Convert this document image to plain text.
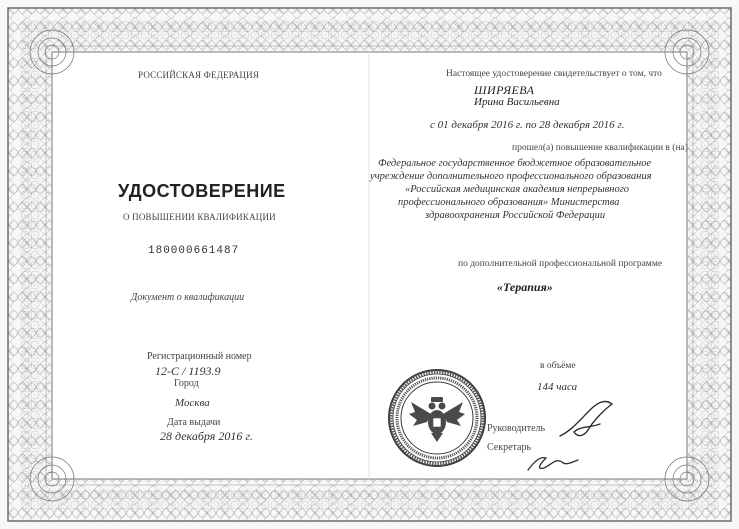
РОССИЙСКАЯ ФЕДЕРАЦИЯ
УДОСТОВЕРЕНИЕ
О ПОВЫШЕНИИ КВАЛИФИКАЦИИ
180000661487
Документ о квалификации
Регистрационный номер
12-С / 1193.9
Город
Москва
Дата выдачи
28 декабря 2016 г.
Настоящее удостоверение свидетельствует о том, что
ШИРЯЕВА
Ирина Васильевна
с 01 декабря 2016 г. по 28 декабря 2016 г.
прошел(а) повышение квалификации в (на)
Федеральное государственное бюджетное образовательное
учреждение дополнительного профессионального образования
«Российская медицинская академия непрерывного
профессионального образования» Министерства
здравоохранения Российской Федерации
по дополнительной профессиональной программе
«Терапия»
в объёме
144 часа
Руководитель
Секретарь
